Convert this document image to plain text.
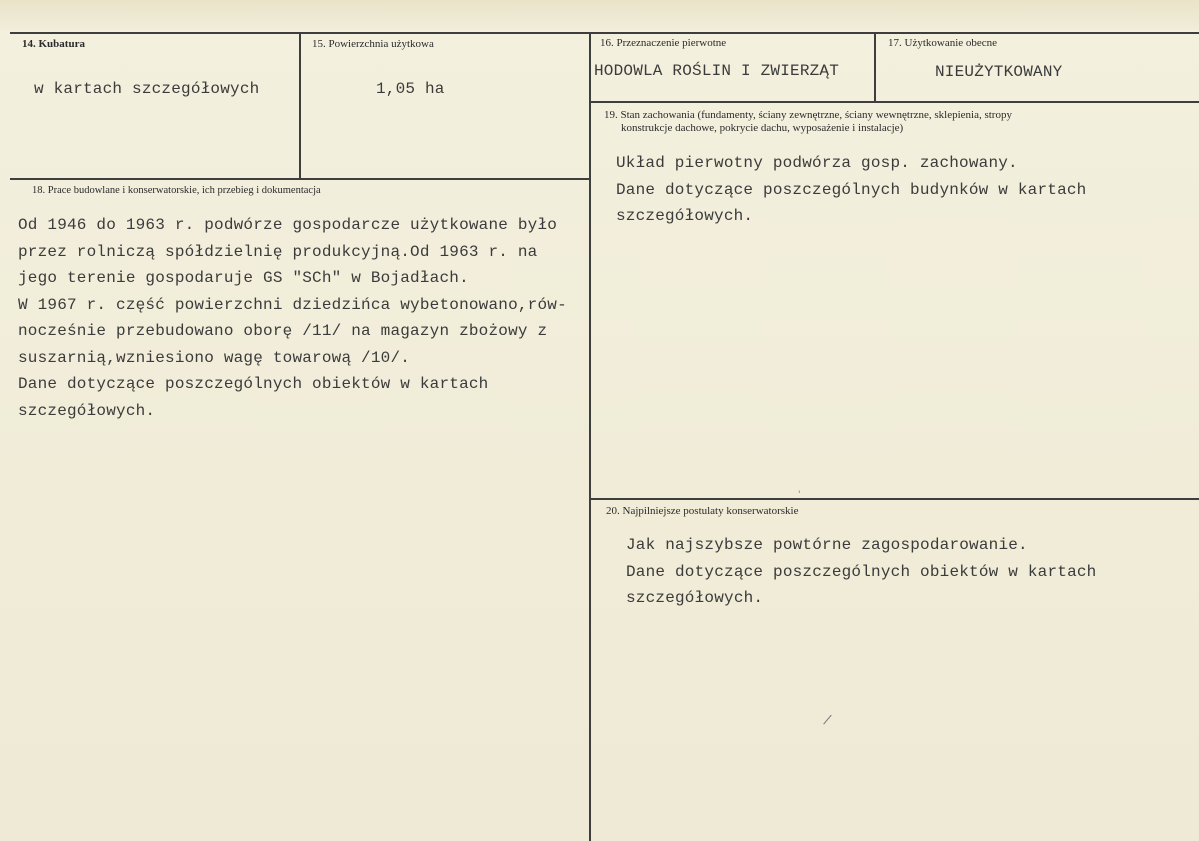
14. Kubatura
w kartach szczegółowych
15. Powierzchnia użytkowa
1,05 ha
16. Przeznaczenie pierwotne
HODOWLA ROŚLIN I ZWIERZĄT
17. Użytkowanie obecne
NIEUŻYTKOWANY
19. Stan zachowania (fundamenty, ściany zewnętrzne, ściany wewnętrzne, sklepienia, stropy
konstrukcje dachowe, pokrycie dachu, wyposażenie i instalacje)
Układ pierwotny podwórza gosp. zachowany.
Dane dotyczące poszczególnych budynków w kartach
szczegółowych.
18. Prace budowlane i konserwatorskie, ich przebieg i dokumentacja
Od 1946 do 1963 r. podwórze gospodarcze użytkowane było
przez rolniczą spółdzielnię produkcyjną.Od 1963 r. na
jego terenie gospodaruje GS "SCh" w Bojadłach.
W 1967 r. część powierzchni dziedzińca wybetonowano,rów-
nocześnie przebudowano oborę /11/ na magazyn zbożowy z
suszarnią,wzniesiono wagę towarową /10/.
Dane dotyczące poszczególnych obiektów w kartach
szczegółowych.
20. Najpilniejsze postulaty konserwatorskie
Jak najszybsze powtórne zagospodarowanie.
Dane dotyczące poszczególnych obiektów w kartach
szczegółowych.
|
'
